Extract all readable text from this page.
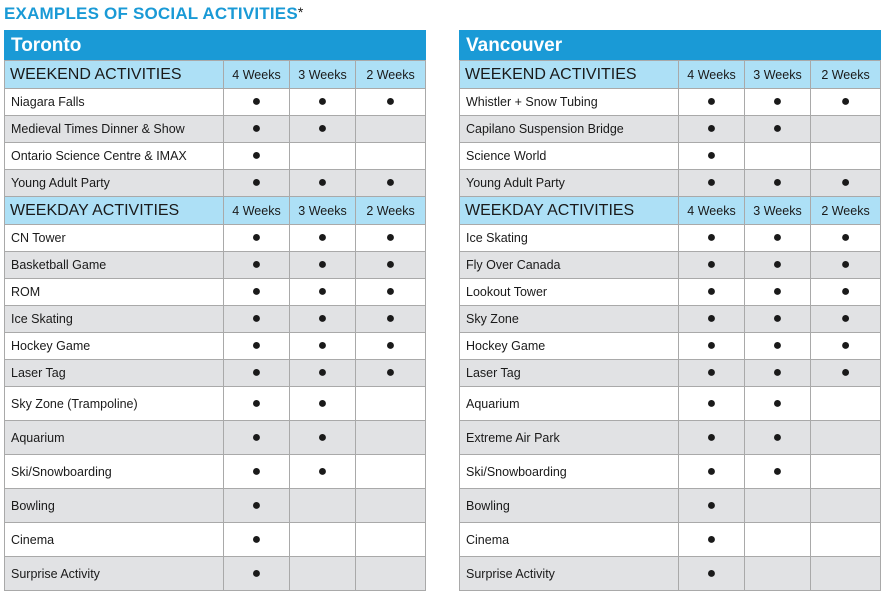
EXAMPLES OF SOCIAL ACTIVITIES*
Toronto			
WEEKEND ACTIVITIES	4 Weeks	3 Weeks	2 Weeks
Niagara Falls	●	●	●
Medieval Times Dinner & Show	●	●	
Ontario Science Centre & IMAX	●		
Young Adult Party	●	●	●
WEEKDAY ACTIVITIES	4 Weeks	3 Weeks	2 Weeks
CN Tower	●	●	●
Basketball Game	●	●	●
ROM	●	●	●
Ice Skating	●	●	●
Hockey Game	●	●	●
Laser Tag	●	●	●
Sky Zone (Trampoline)	●	●	
Aquarium	●	●	
Ski/Snowboarding	●	●	
Bowling	●		
Cinema	●		
Surprise Activity	●		
Vancouver			
WEEKEND ACTIVITIES	4 Weeks	3 Weeks	2 Weeks
Whistler + Snow Tubing	●	●	●
Capilano Suspension Bridge	●	●	
Science World	●		
Young Adult Party	●	●	●
WEEKDAY ACTIVITIES	4 Weeks	3 Weeks	2 Weeks
Ice Skating	●	●	●
Fly Over Canada	●	●	●
Lookout Tower	●	●	●
Sky Zone	●	●	●
Hockey Game	●	●	●
Laser Tag	●	●	●
Aquarium	●	●	
Extreme Air Park	●	●	
Ski/Snowboarding	●	●	
Bowling	●		
Cinema	●		
Surprise Activity	●		
